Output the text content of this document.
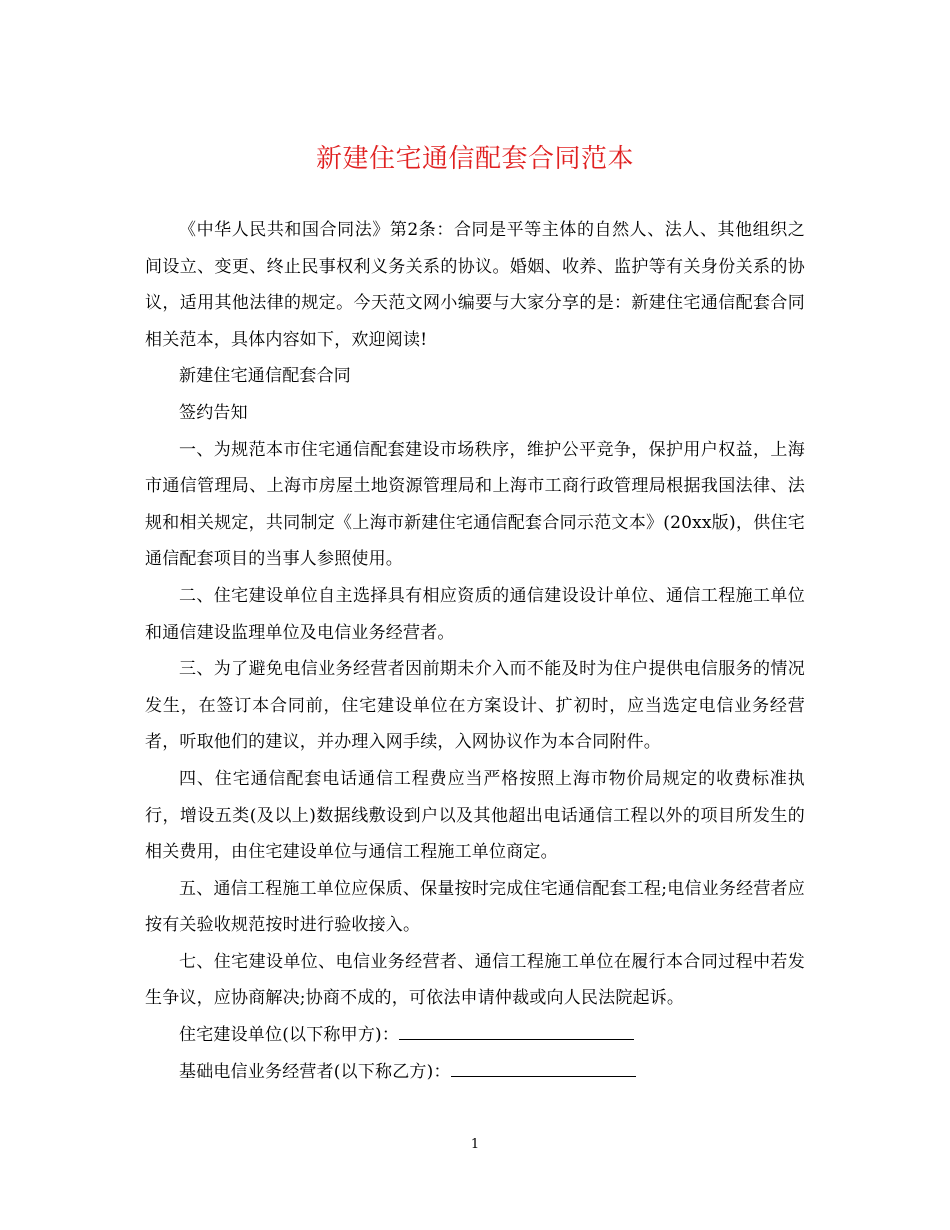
新建住宅通信配套合同范本

《中华人民共和国合同法》第2条：合同是平等主体的自然人、法人、其他组织之间设立、变更、终止民事权利义务关系的协议。婚姻、收养、监护等有关身份关系的协议，适用其他法律的规定。今天范文网小编要与大家分享的是：新建住宅通信配套合同相关范本，具体内容如下，欢迎阅读!

新建住宅通信配套合同

签约告知

一、为规范本市住宅通信配套建设市场秩序，维护公平竞争，保护用户权益，上海市通信管理局、上海市房屋土地资源管理局和上海市工商行政管理局根据我国法律、法规和相关规定，共同制定《上海市新建住宅通信配套合同示范文本》(20xx版)，供住宅通信配套项目的当事人参照使用。

二、住宅建设单位自主选择具有相应资质的通信建设设计单位、通信工程施工单位和通信建设监理单位及电信业务经营者。

三、为了避免电信业务经营者因前期未介入而不能及时为住户提供电信服务的情况发生，在签订本合同前，住宅建设单位在方案设计、扩初时，应当选定电信业务经营者，听取他们的建议，并办理入网手续，入网协议作为本合同附件。

四、住宅通信配套电话通信工程费应当严格按照上海市物价局规定的收费标准执行，增设五类(及以上)数据线敷设到户以及其他超出电话通信工程以外的项目所发生的相关费用，由住宅建设单位与通信工程施工单位商定。

五、通信工程施工单位应保质、保量按时完成住宅通信配套工程;电信业务经营者应按有关验收规范按时进行验收接入。

七、住宅建设单位、电信业务经营者、通信工程施工单位在履行本合同过程中若发生争议，应协商解决;协商不成的，可依法申请仲裁或向人民法院起诉。

住宅建设单位(以下称甲方)：

基础电信业务经营者(以下称乙方)：

1
